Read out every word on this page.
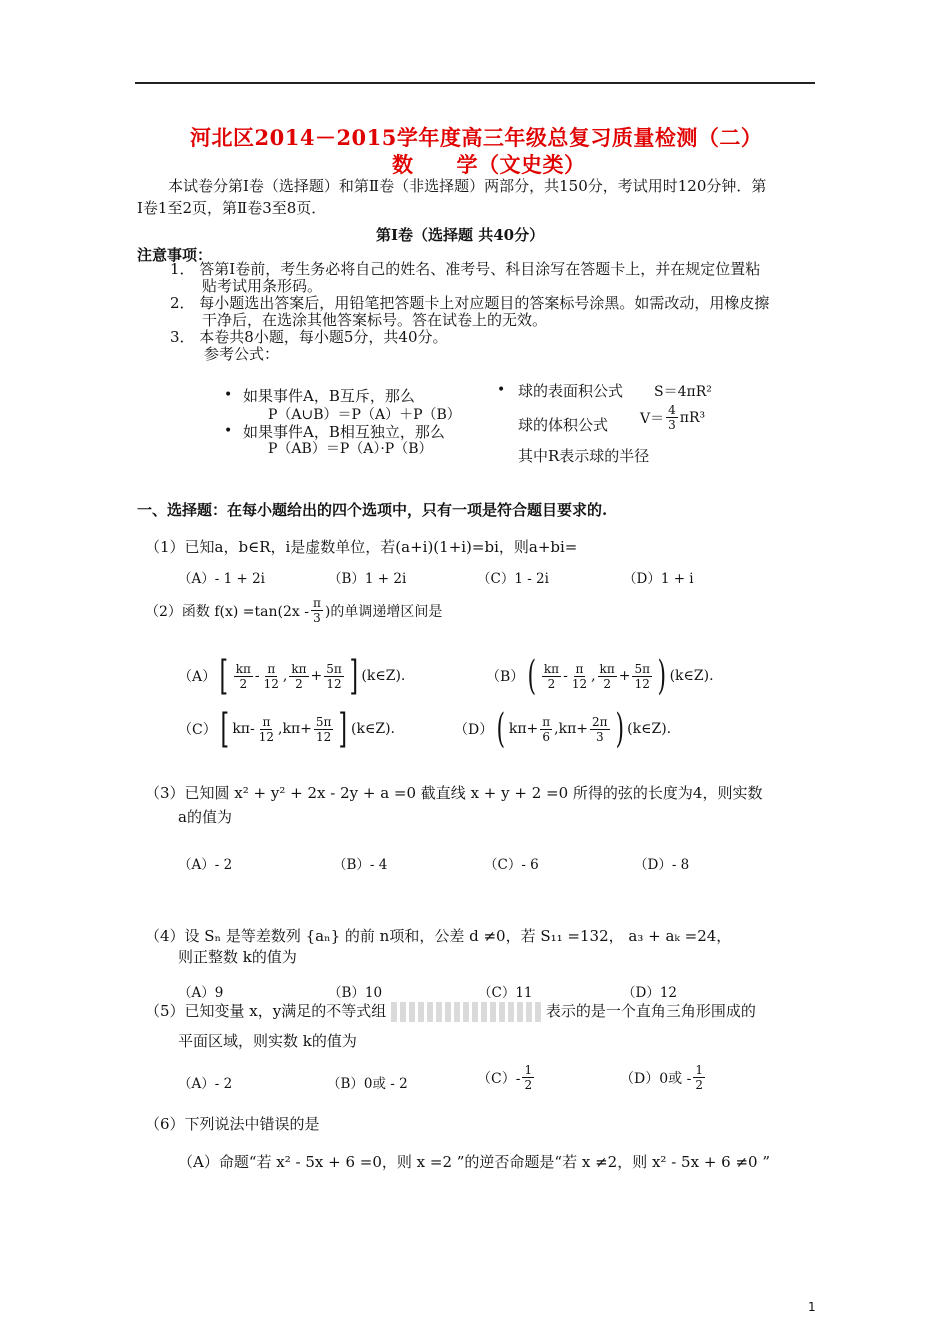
河北区2014－2015学年度高三年级总复习质量检测（二）
数　　学（文史类）
本试卷分第Ⅰ卷（选择题）和第Ⅱ卷（非选择题）两部分，共150分，考试用时120分钟．第
Ⅰ卷1至2页，第Ⅱ卷3至8页．
第Ⅰ卷（选择题 共40分）
注意事项：
1． 答第Ⅰ卷前，考生务必将自己的姓名、准考号、科目涂写在答题卡上，并在规定位置粘
贴考试用条形码。
2． 每小题选出答案后，用铅笔把答题卡上对应题目的答案标号涂黑。如需改动，用橡皮擦
干净后，在选涂其他答案标号。答在试卷上的无效。
3． 本卷共8小题，每小题5分，共40分。
参考公式：
• 如果事件A，B互斥，那么
P（A∪B）＝P（A）＋P（B）
• 如果事件A，B相互独立，那么
P（AB）＝P（A）·P（B）
• 球的表面积公式 S＝4πR²
球的体积公式 $V= \frac{4}{3} \pi R^3$
其中R表示球的半径
一、选择题：在每小题给出的四个选项中，只有一项是符合题目要求的.
（1）已知a，b∈R，i是虚数单位，若(a+i)(1+i)=bi，则a+bi=
（A）- 1 + 2i	（B）1 + 2i	（C）1 - 2i	（D）1 + i
（2）函数 $f(x) =\tan(2x - \frac{\pi}{3}$ )的单调递增区间是
（A） [ $\frac{k\pi}{2} - \frac{\pi}{12}$ , $\frac{k\pi}{2} + \frac{5\pi}{12}$ ] (k∈Z).	（B） ( $\frac{k\pi}{2} - \frac{\pi}{12}$ , $\frac{k\pi}{2} + \frac{5\pi}{12}$ ) (k∈Z).
（C） [ kπ - $\frac{\pi}{12}$ , $k\pi + \frac{5\pi}{12}$ ] (k∈Z).	（D） ( $k\pi + \frac{\pi}{6}$ , $k\pi + \frac{2\pi}{3}$ ) (k∈Z).
（3）已知圆 x² + y² + 2x - 2y + a =0 截直线 x + y + 2 =0 所得的弦的长度为4，则实数
a的值为
（A）- 2	（B）- 4	（C）- 6	（D）- 8
（4）设 Sₙ 是等差数列 {aₙ} 的前 n项和，公差 d ≠0，若 S₁₁ =132， a₃ + aₖ =24，
则正整数 k的值为
（A）9	（B）10	（C）11	（D）12
（5）已知变量 x，y满足的不等式组	表示的是一个直角三角形围成的
平面区域，则实数 k的值为
（A）- 2	（B）0或 - 2	$(C)- \frac{1}{2}$	（D）0或 - $\frac{1}{2}$
（6）下列说法中错误的是
（A）命题“若 x² - 5x + 6 =0，则 x =2 ”的逆否命题是“若 x ≠2，则 x² - 5x + 6 ≠0 ”
1
